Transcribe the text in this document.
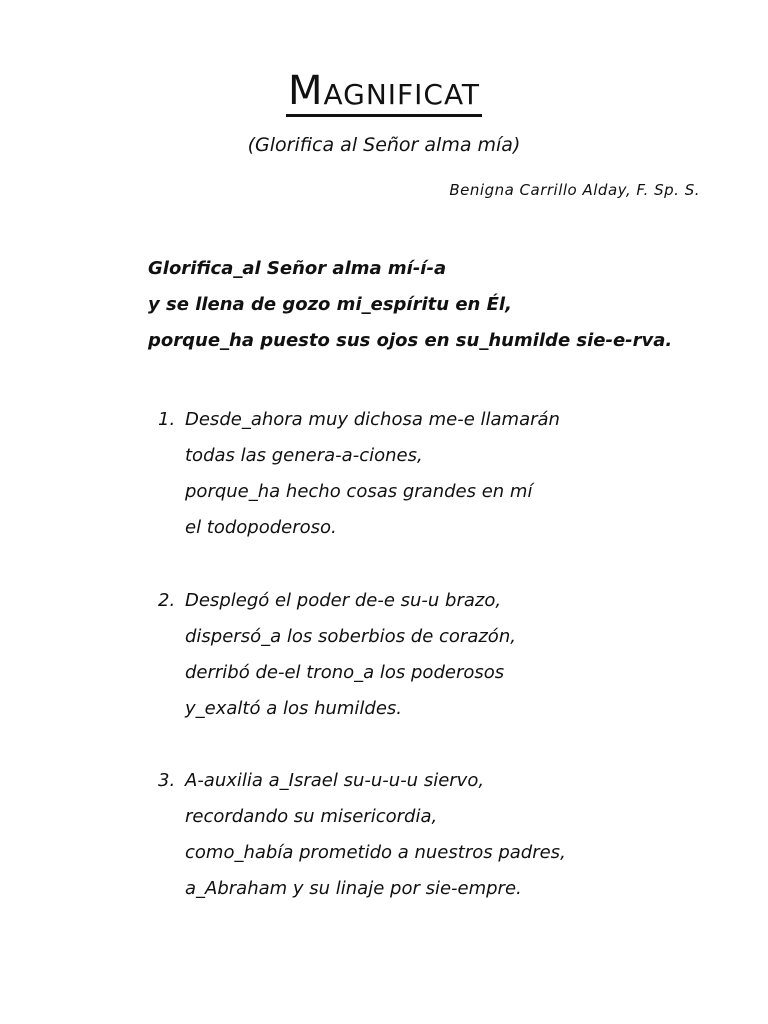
Magnificat
(Glorifica al Señor alma mía)
Benigna Carrillo Alday, F. Sp. S.
Glorifica_al Señor alma mí-í-a
y se llena de gozo mi_espíritu en Él,
porque_ha puesto sus ojos en su_humilde sie-e-rva.
1. Desde_ahora muy dichosa me-e llamarán
todas las genera-a-ciones,
porque_ha hecho cosas grandes en mí
el todopoderoso.
2. Desplegó el poder de-e su-u brazo,
dispersó_a los soberbios de corazón,
derribó de-el trono_a los poderosos
y_exaltó a los humildes.
3. A-auxilia a_Israel su-u-u-u siervo,
recordando su misericordia,
como_había prometido a nuestros padres,
a_Abraham y su linaje por sie-empre.
